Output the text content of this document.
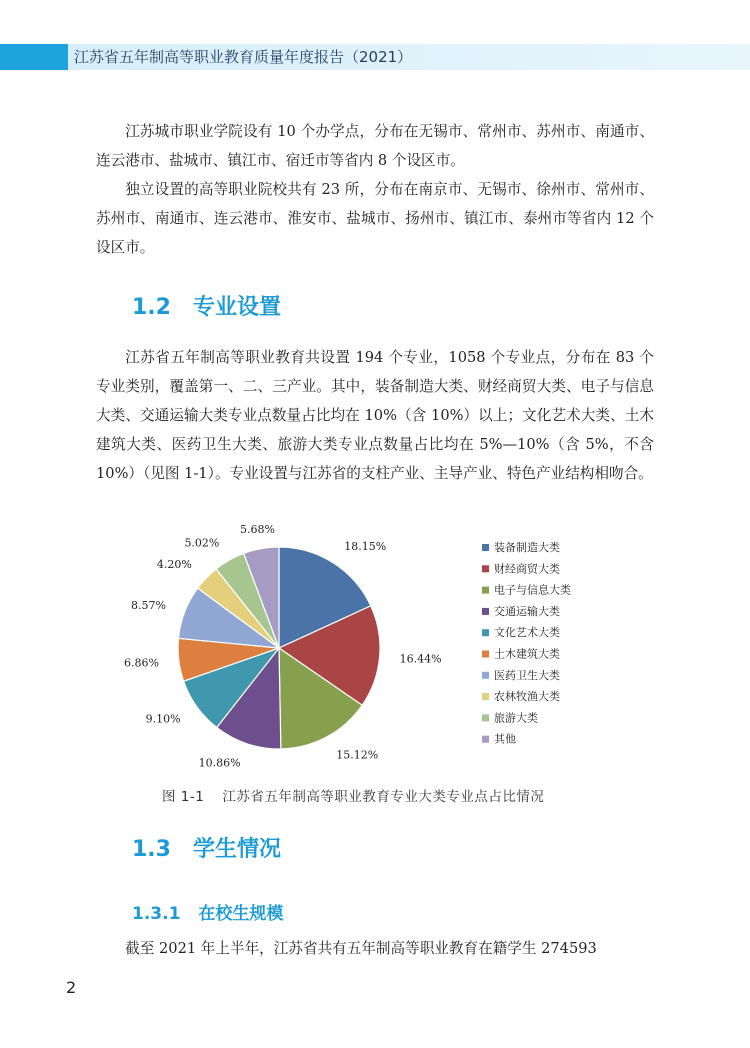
江苏省五年制高等职业教育质量年度报告（2021）

江苏城市职业学院设有 10 个办学点，分布在无锡市、常州市、苏州市、南通市、连云港市、盐城市、镇江市、宿迁市等省内 8 个设区市。

独立设置的高等职业院校共有 23 所，分布在南京市、无锡市、徐州市、常州市、苏州市、南通市、连云港市、淮安市、盐城市、扬州市、镇江市、泰州市等省内 12 个设区市。

1.2 专业设置

江苏省五年制高等职业教育共设置 194 个专业，1058 个专业点，分布在 83 个专业类别，覆盖第一、二、三产业。其中，装备制造大类、财经商贸大类、电子与信息大类、交通运输大类专业点数量占比均在 10%（含 10%）以上；文化艺术大类、土木建筑大类、医药卫生大类、旅游大类专业点数量占比均在 5%—10%（含 5%，不含 10%）（见图 1-1）。专业设置与江苏省的支柱产业、主导产业、特色产业结构相吻合。

18.15%
16.44%
15.12%
10.86%
9.10%
6.86%
8.57%
4.20%
5.02%
5.68%
装备制造大类
财经商贸大类
电子与信息大类
交通运输大类
文化艺术大类
土木建筑大类
医药卫生大类
农林牧渔大类
旅游大类
其他
图 1-1 江苏省五年制高等职业教育专业大类专业点占比情况
1.3 学生情况
1.3.1 在校生规模

截至 2021 年上半年，江苏省共有五年制高等职业教育在籍学生 274593

2
